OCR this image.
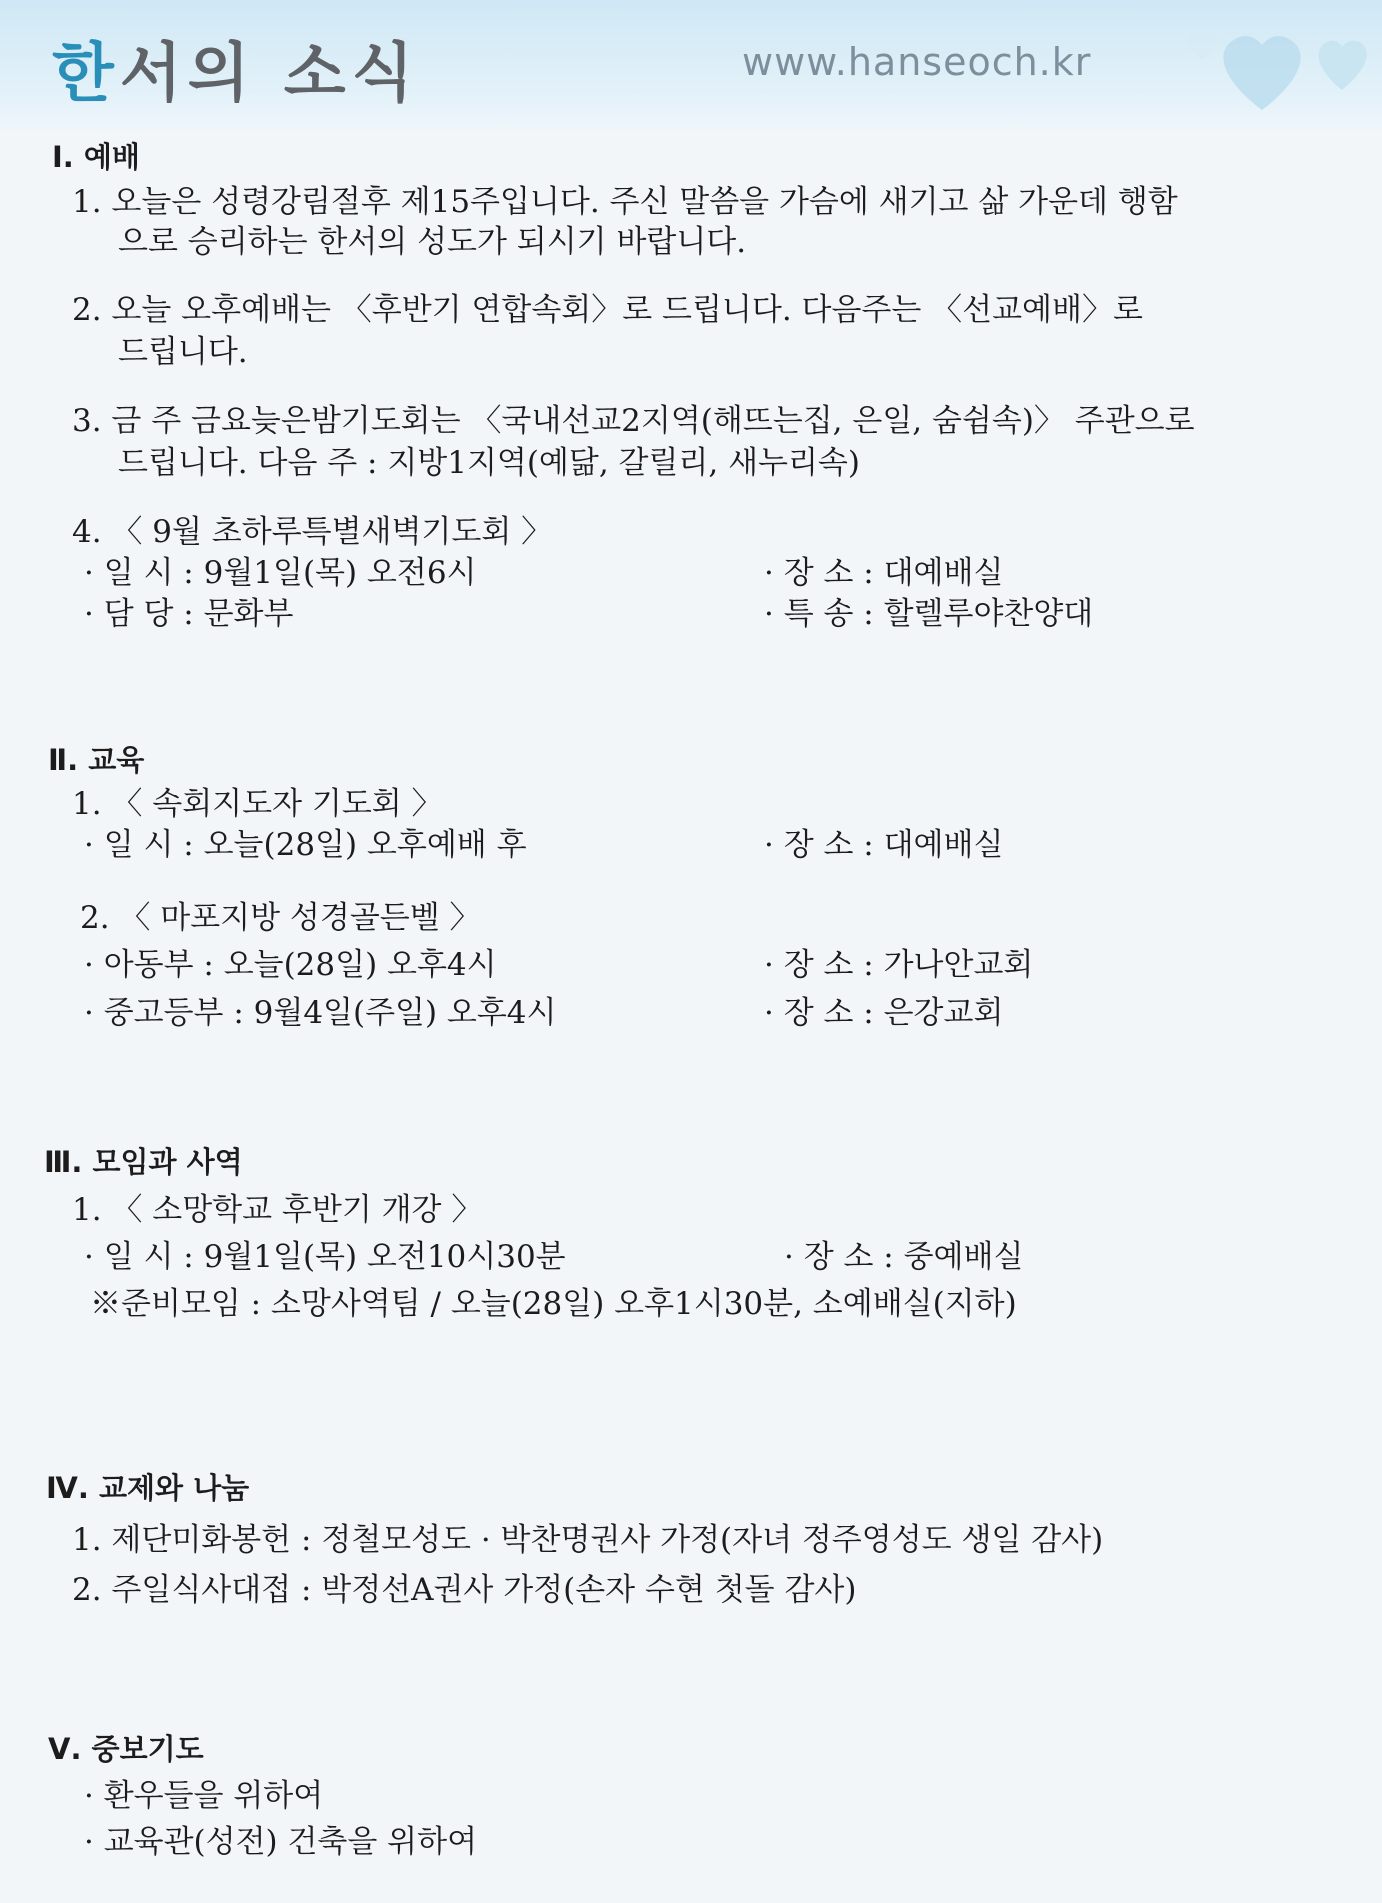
한서의 소식	www.hanseoch.kr
Ⅰ. 예배
1. 오늘은 성령강림절후 제15주입니다. 주신 말씀을 가슴에 새기고 삶 가운데 행함
으로 승리하는 한서의 성도가 되시기 바랍니다.
2. 오늘 오후예배는 〈후반기 연합속회〉로 드립니다. 다음주는 〈선교예배〉로
드립니다.
3. 금 주 금요늦은밤기도회는 〈국내선교2지역(해뜨는집, 은일, 숨쉼속)〉 주관으로
드립니다. 다음 주 : 지방1지역(예닮, 갈릴리, 새누리속)
4. 〈 9월 초하루특별새벽기도회 〉
· 일 시 : 9월1일(목) 오전6시	· 장 소 : 대예배실
· 담 당 : 문화부	· 특 송 : 할렐루야찬양대
Ⅱ. 교육
1. 〈 속회지도자 기도회 〉
· 일 시 : 오늘(28일) 오후예배 후	· 장 소 : 대예배실
2. 〈 마포지방 성경골든벨 〉
· 아동부 : 오늘(28일) 오후4시	· 장 소 : 가나안교회
· 중고등부 : 9월4일(주일) 오후4시	· 장 소 : 은강교회
Ⅲ. 모임과 사역
1. 〈 소망학교 후반기 개강 〉
· 일 시 : 9월1일(목) 오전10시30분	· 장 소 : 중예배실
※준비모임 : 소망사역팀 / 오늘(28일) 오후1시30분, 소예배실(지하)
Ⅳ. 교제와 나눔
1. 제단미화봉헌 : 정철모성도 · 박찬명권사 가정(자녀 정주영성도 생일 감사)
2. 주일식사대접 : 박정선A권사 가정(손자 수현 첫돌 감사)
Ⅴ. 중보기도
· 환우들을 위하여
· 교육관(성전) 건축을 위하여
